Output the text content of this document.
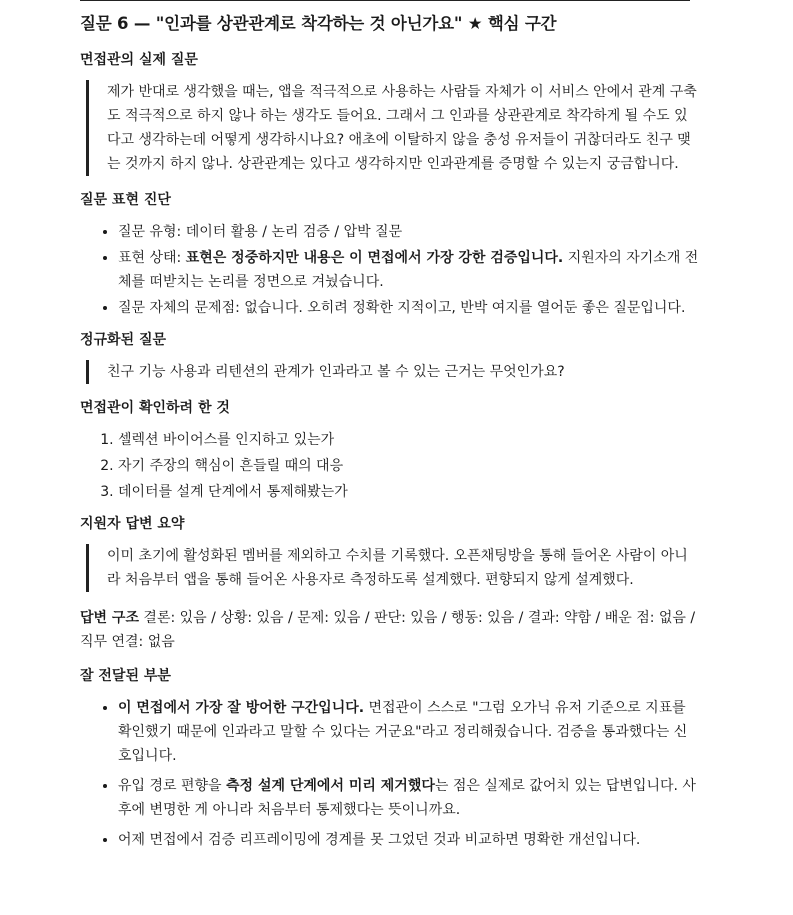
질문 6 — "인과를 상관관계로 착각하는 것 아닌가요" ★ 핵심 구간
면접관의 실제 질문
제가 반대로 생각했을 때는, 앱을 적극적으로 사용하는 사람들 자체가 이 서비스 안에서 관계 구축도 적극적으로 하지 않나 하는 생각도 들어요. 그래서 그 인과를 상관관계로 착각하게 될 수도 있다고 생각하는데 어떻게 생각하시나요? 애초에 이탈하지 않을 충성 유저들이 귀찮더라도 친구 맺는 것까지 하지 않나. 상관관계는 있다고 생각하지만 인과관계를 증명할 수 있는지 궁금합니다.
질문 표현 진단
• 질문 유형: 데이터 활용 / 논리 검증 / 압박 질문
• 표현 상태: 표현은 정중하지만 내용은 이 면접에서 가장 강한 검증입니다. 지원자의 자기소개 전체를 떠받치는 논리를 정면으로 겨눴습니다.
• 질문 자체의 문제점: 없습니다. 오히려 정확한 지적이고, 반박 여지를 열어둔 좋은 질문입니다.
정규화된 질문
친구 기능 사용과 리텐션의 관계가 인과라고 볼 수 있는 근거는 무엇인가요?
면접관이 확인하려 한 것
1. 셀렉션 바이어스를 인지하고 있는가
2. 자기 주장의 핵심이 흔들릴 때의 대응
3. 데이터를 설계 단계에서 통제해봤는가
지원자 답변 요약
이미 초기에 활성화된 멤버를 제외하고 수치를 기록했다. 오픈채팅방을 통해 들어온 사람이 아니라 처음부터 앱을 통해 들어온 사용자로 측정하도록 설계했다. 편향되지 않게 설계했다.

답변 구조 결론: 있음 / 상황: 있음 / 문제: 있음 / 판단: 있음 / 행동: 있음 / 결과: 약함 / 배운 점: 없음 / 직무 연결: 없음

잘 전달된 부분
• 이 면접에서 가장 잘 방어한 구간입니다. 면접관이 스스로 "그럼 오가닉 유저 기준으로 지표를 확인했기 때문에 인과라고 말할 수 있다는 거군요"라고 정리해줬습니다. 검증을 통과했다는 신호입니다.
• 유입 경로 편향을 측정 설계 단계에서 미리 제거했다는 점은 실제로 값어치 있는 답변입니다. 사후에 변명한 게 아니라 처음부터 통제했다는 뜻이니까요.
• 어제 면접에서 검증 리프레이밍에 경계를 못 그었던 것과 비교하면 명확한 개선입니다.
